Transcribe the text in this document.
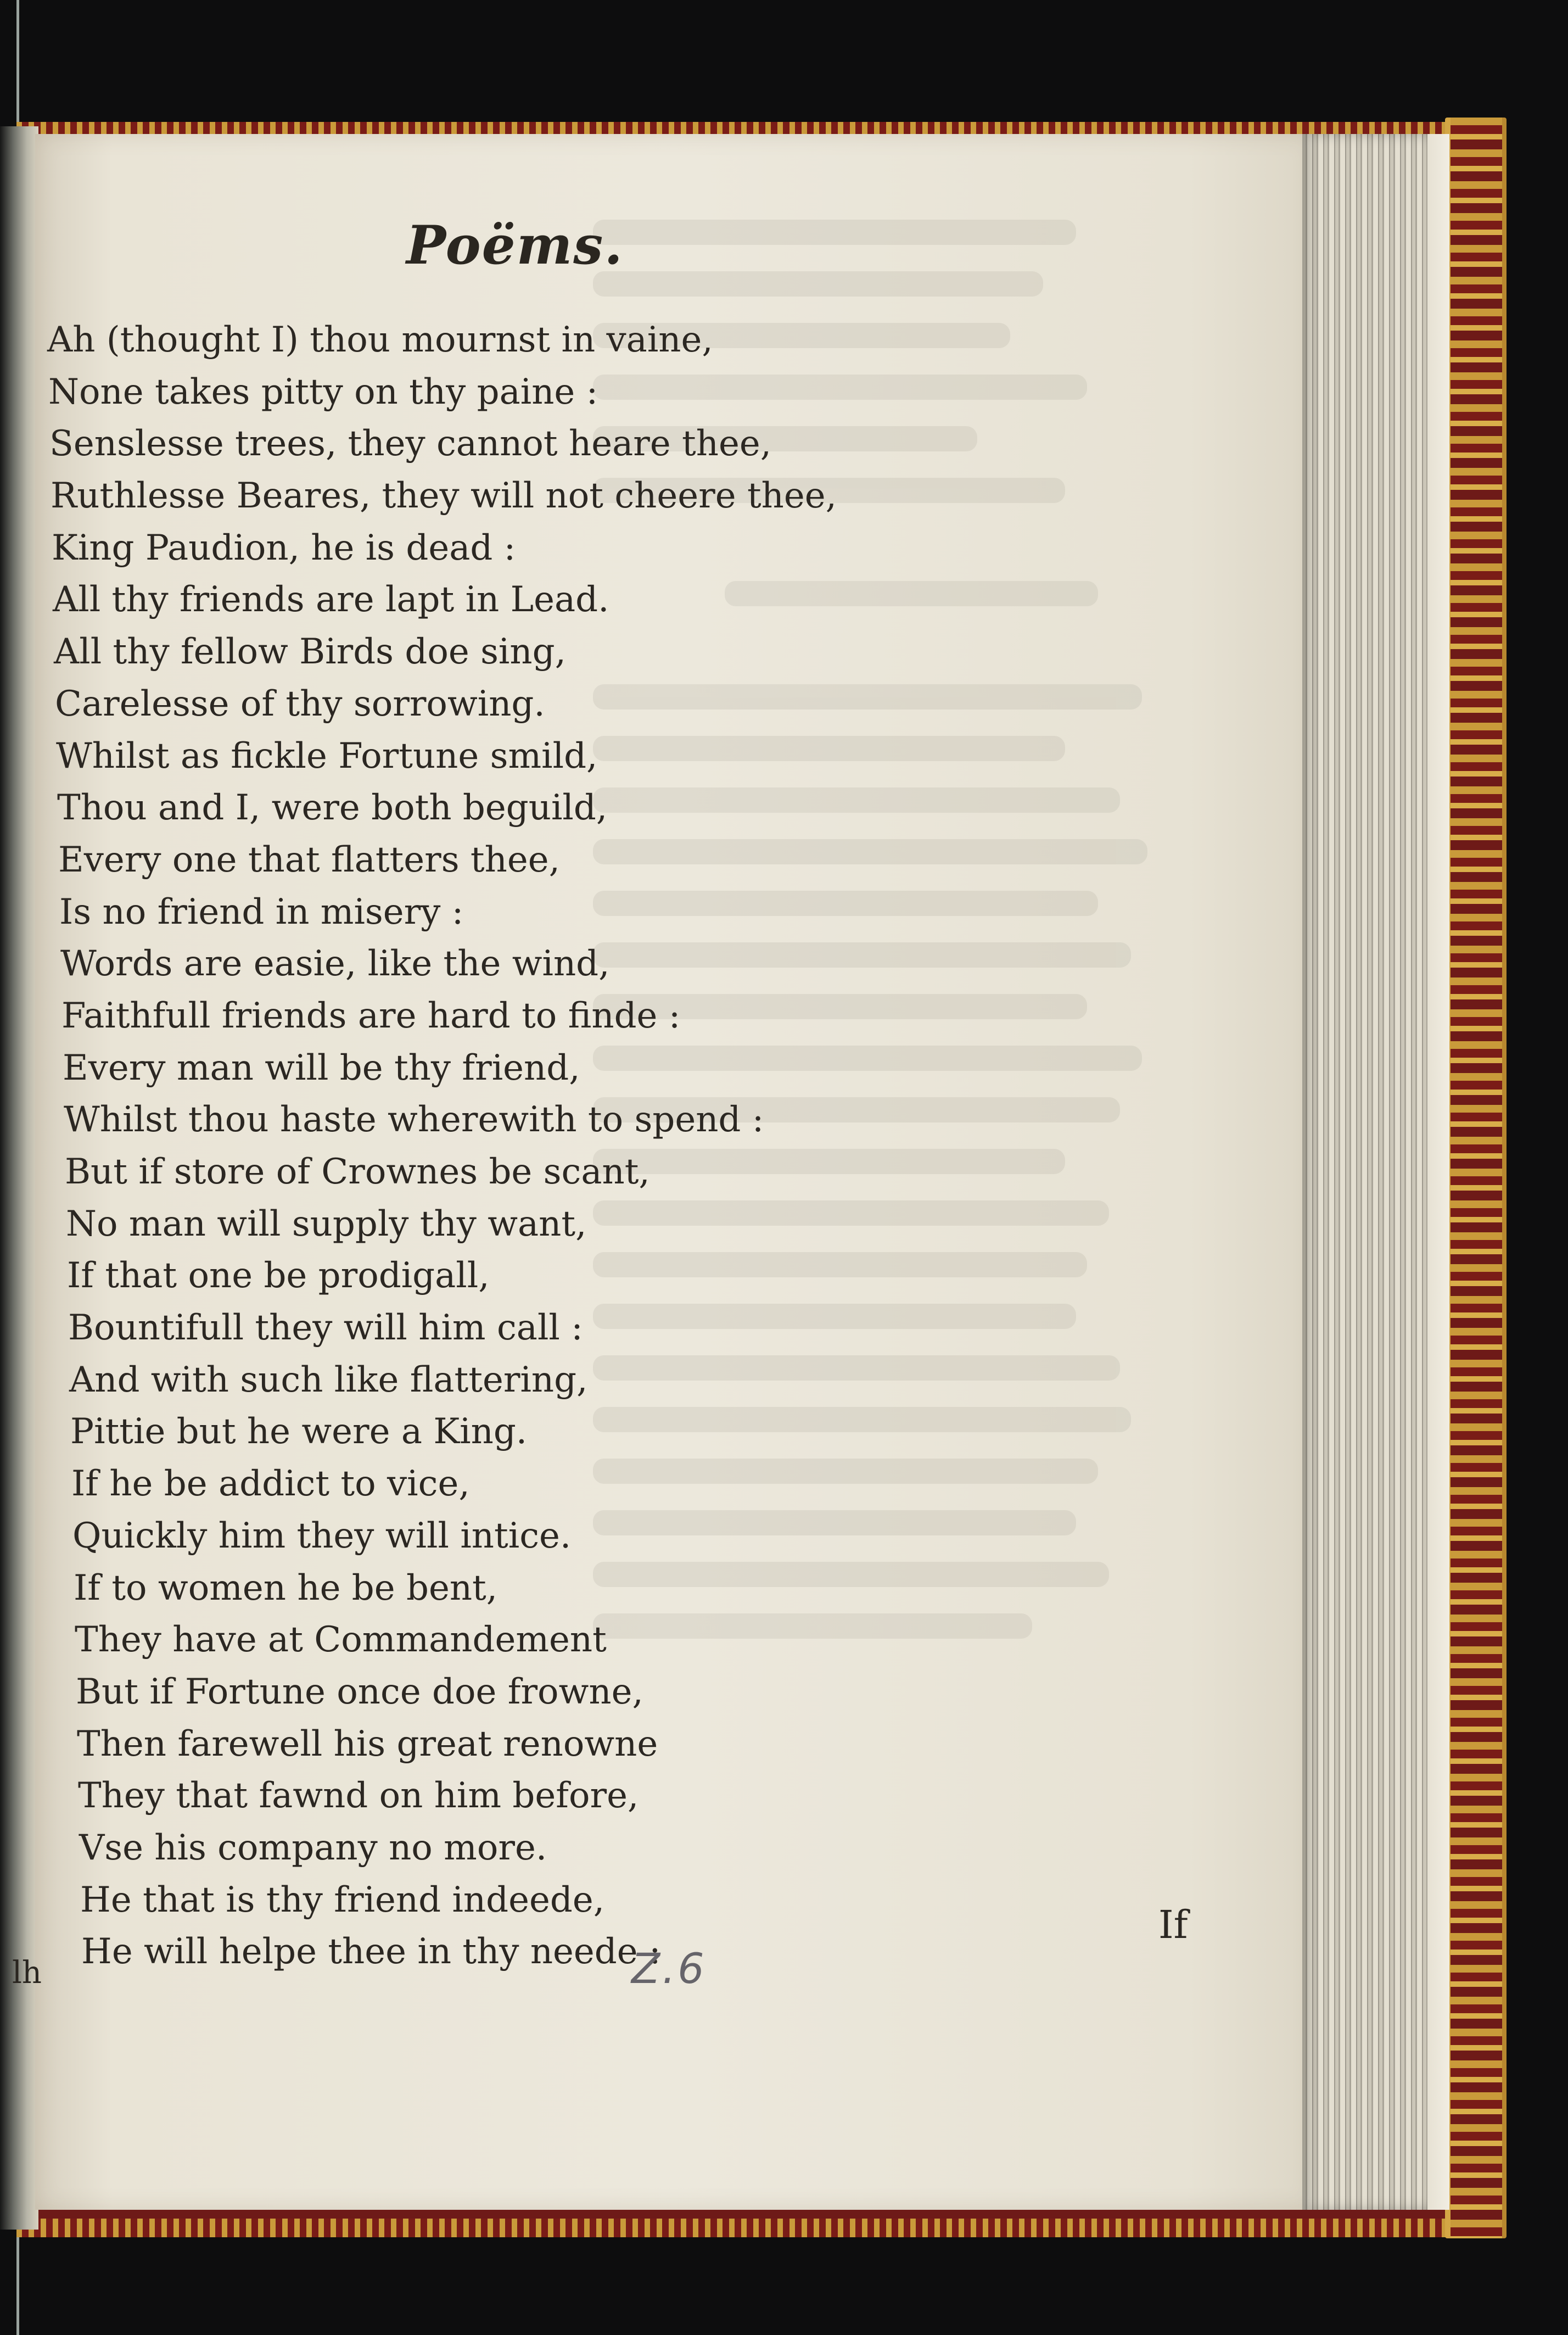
Poëms.
Ah (thought I) thou mournst in vaine,
None takes pitty on thy paine :
Senslesse trees, they cannot heare thee,
Ruthlesse Beares, they will not cheere thee,
King Paudion, he is dead :
All thy friends are lapt in Lead.
All thy fellow Birds doe sing,
Carelesse of thy sorrowing.
Whilst as fickle Fortune smild,
Thou and I, were both beguild,
Every one that flatters thee,
Is no friend in misery :
Words are easie, like the wind,
Faithfull friends are hard to finde :
Every man will be thy friend,
Whilst thou haste wherewith to spend :
But if store of Crownes be scant,
No man will supply thy want,
If that one be prodigall,
Bountifull they will him call :
And with such like flattering,
Pittie but he were a King.
If he be addict to vice,
Quickly him they will intice.
If to women he be bent,
They have at Commandement
But if Fortune once doe frowne,
Then farewell his great renowne
They that fawnd on him before,
Vse his company no more.
He that is thy friend indeede,
He will helpe thee in thy neede :
If
Z.6
lh
